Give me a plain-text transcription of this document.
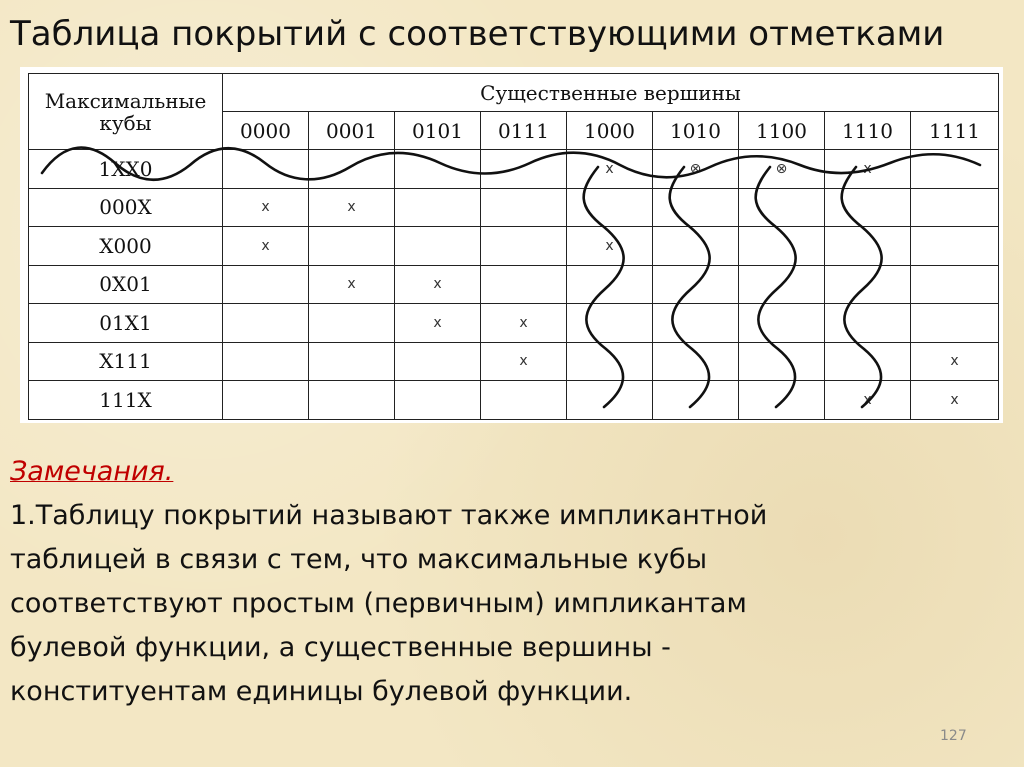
Таблица покрытий с соответствующими отметками
Максимальные кубы	Существенные вершины								
	0000	0001	0101	0111	1000	1010	1100	1110	1111
1XX0					x	⊗	⊗	x	
000X	x	x							
X000	x				x				
0X01		x	x						
01X1			x	x					
X111				x					x
111X								x	x
Замечания.
1.Таблицу покрытий называют также импликантной
таблицей в связи с тем, что максимальные кубы
соответствуют простым (первичным) импликантам
булевой функции, а существенные вершины -
конституентам единицы булевой функции.
127
